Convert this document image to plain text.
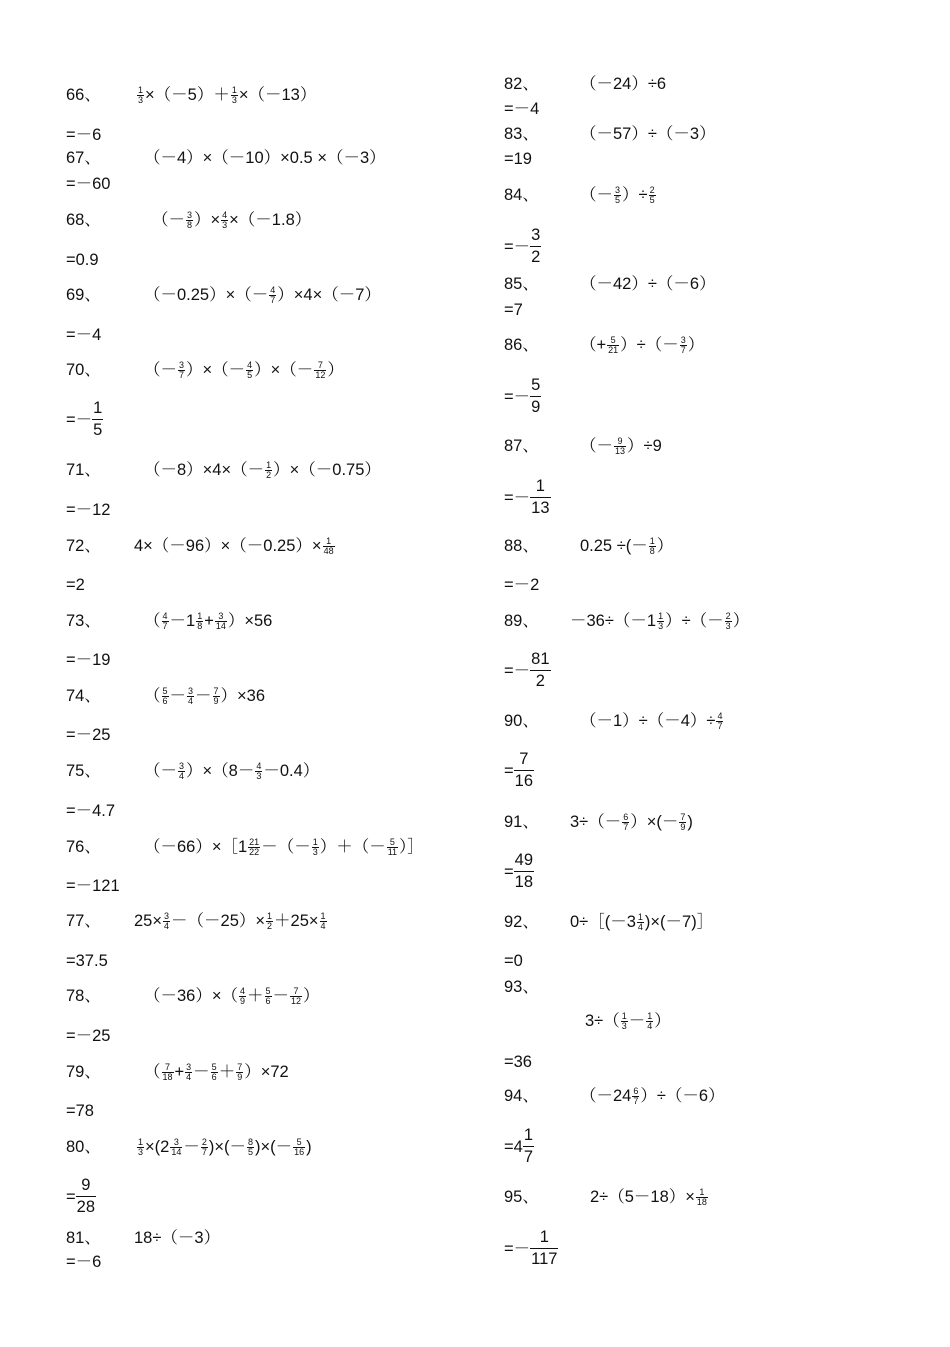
66、	$\frac{1}{3} \times(-5)+ \frac{1}{3} \times(-13)$
=－6
67、	（－4）×（－10）×0.5 ×（－3）
=－60
68、	（－ $\frac{3}{8}$ ）× $\frac{4}{3} \times(-1.8)$
=0.9
69、	$(-0.25)\times(- \frac{4}{7} )\times 4\times(-7)$
=－4
70、	（－ $\frac{3}{7}$ ）×（－ $\frac{4}{5}$ ）×（－ $\frac{7}{12}$ ）
=－ $\frac{1}{5}$
71、	$(-8)\times 4\times(- \frac{1}{2} )\times(-0.75)$
=－12
72、 $4\times(-96)\times(-0.25)\times \frac{1}{48}$
=2
73、	（ $\frac{4}{7} -1 \frac{1}{8} + \frac{3}{14} )\times 56$
=－19
74、	（ $\frac{5}{6} - \frac{3}{4} - \frac{7}{9} )\times 36$
=－25
75、	（－ $\frac{3}{4} )\times(8- \frac{4}{3} -0.4)$
=－4.7
76、	（－66）×［1 $\frac{21}{22}$ －（－ $\frac{1}{3}$ ）＋（－ $\frac{5}{11}$ ）］
=－121
77、 $25\times \frac{3}{4} -(-25)\times \frac{1}{2} +25\times \frac{1}{4}$
=37.5
78、	$(-36)\times( \frac{4}{9} + \frac{5}{6} - \frac{7}{12}$ ）
=－25
79、	（ $\frac{7}{18} + \frac{3}{4} - \frac{5}{6} + \frac{7}{9} )\times 72$
=78
80、	$\frac{1}{3} \times(2 \frac{3}{14} - \frac{2}{7}$ )×(－ $\frac{8}{5}$ )×(－ $\frac{5}{16}$ )
= $\frac{9}{28}$
81、 18÷（－3）
=－6
82、 （－24）÷6
=－4
83、 （－57）÷（－3）
=19
84、 （－ $\frac{3}{5}$ ）÷ $\frac{2}{5}$
=－ $\frac{3}{2}$
85、 （－42）÷（－6）
=7
86、 （+ $\frac{5}{21}$ ）÷（－ $\frac{3}{7}$ ）
=－ $\frac{5}{9}$
87、 （－ $\frac{9}{13} )\div 9$
=－ $\frac{1}{13}$
88、 0.25 ÷(－ $\frac{1}{8}$ ）
=－2
89、 $-36\div(-1 \frac{1}{3}$ ）÷（－ $\frac{2}{3}$ ）
=－ $\frac{81}{2}$
90、 $(-1)\div(-4)\div \frac{4}{7}$
= $\frac{7}{16}$
91、 $3\div(- \frac{6}{7}$ ）×(－ $\frac{7}{9}$ )
= $\frac{49}{18}$
92、 0÷［(－3 $\frac{1}{4}$ )×(－7)］
=0
93、
$3\div( \frac{1}{3} - \frac{1}{4}$ ）
=36
94、 $(-24 \frac{6}{7} )\div(-6)$
$=4 \frac{1}{7}$
95、	$2\div(5-18)\times \frac{1}{18}$
=－ $\frac{1}{117}$
